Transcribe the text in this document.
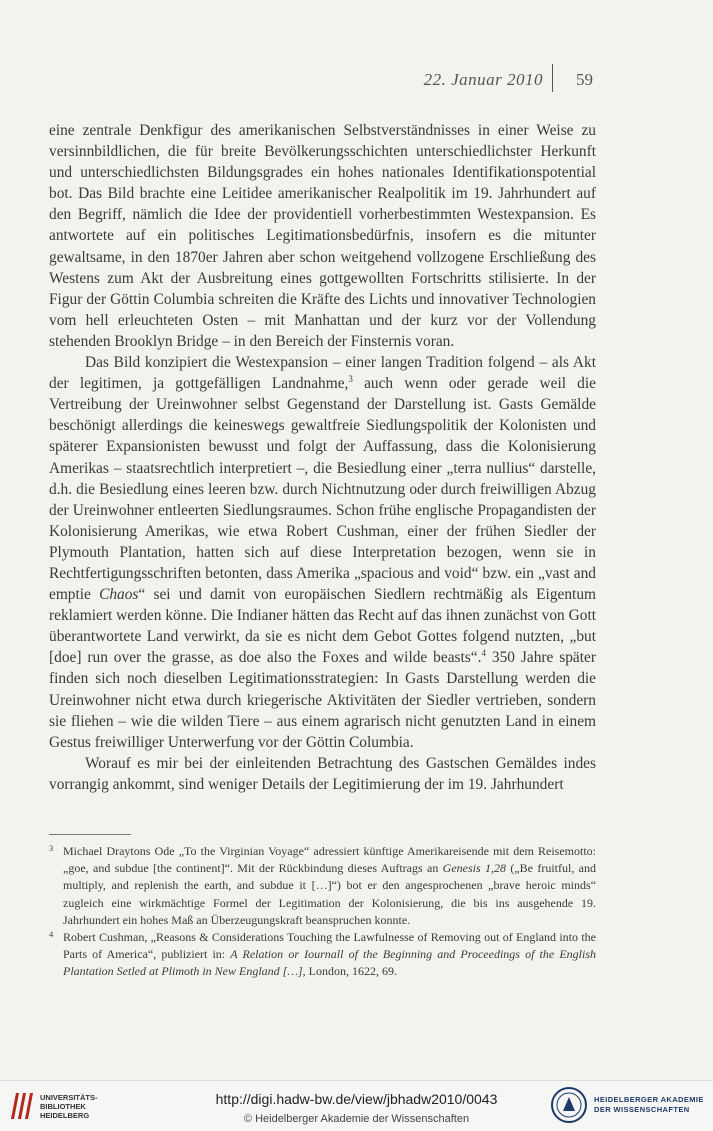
22. Januar 2010 59

eine zentrale Denkfigur des amerikanischen Selbstverständnisses in einer Weise zu versinnbildlichen, die für breite Bevölkerungsschichten unterschiedlichster Herkunft und unterschiedlichsten Bildungsgrades ein hohes nationales Identifikationspotential bot. Das Bild brachte eine Leitidee amerikanischer Realpolitik im 19. Jahrhundert auf den Begriff, nämlich die Idee der providentiell vorherbestimmten Westexpansion. Es antwortete auf ein politisches Legitimationsbedürfnis, insofern es die mitunter gewaltsame, in den 1870er Jahren aber schon weitgehend vollzogene Erschließung des Westens zum Akt der Ausbreitung eines gottgewollten Fortschritts stilisierte. In der Figur der Göttin Columbia schreiten die Kräfte des Lichts und innovativer Technologien vom hell erleuchteten Osten – mit Manhattan und der kurz vor der Vollendung stehenden Brooklyn Bridge – in den Bereich der Finsternis voran.

Das Bild konzipiert die Westexpansion – einer langen Tradition folgend – als Akt der legitimen, ja gottgefälligen Landnahme,$^3$ auch wenn oder gerade weil die Vertreibung der Ureinwohner selbst Gegenstand der Darstellung ist. Gasts Gemälde beschönigt allerdings die keineswegs gewaltfreie Siedlungspolitik der Kolonisten und späterer Expansionisten bewusst und folgt der Auffassung, dass die Kolonisierung Amerikas – staatsrechtlich interpretiert –, die Besiedlung einer „terra nullius“ darstelle, d.h. die Besiedlung eines leeren bzw. durch Nichtnutzung oder durch freiwilligen Abzug der Ureinwohner entleerten Siedlungsraumes. Schon frühe englische Propagandisten der Kolonisierung Amerikas, wie etwa Robert Cushman, einer der frühen Siedler der Plymouth Plantation, hatten sich auf diese Interpretation bezogen, wenn sie in Rechtfertigungsschriften betonten, dass Amerika „spacious and void“ bzw. ein „vast and emptie Chaos“ sei und damit von europäischen Siedlern rechtmäßig als Eigentum reklamiert werden könne. Die Indianer hätten das Recht auf das ihnen zunächst von Gott überantwortete Land verwirkt, da sie es nicht dem Gebot Gottes folgend nutzten, „but [doe] run over the grasse, as doe also the Foxes and wilde beasts“.$^4$ 350 Jahre später finden sich noch dieselben Legitimationsstrategien: In Gasts Darstellung werden die Ureinwohner nicht etwa durch kriegerische Aktivitäten der Siedler vertrieben, sondern sie fliehen – wie die wilden Tiere – aus einem agrarisch nicht genutzten Land in einem Gestus freiwilliger Unterwerfung vor der Göttin Columbia.

Worauf es mir bei der einleitenden Betrachtung des Gastschen Gemäldes indes vorrangig ankommt, sind weniger Details der Legitimierung der im 19. Jahrhundert

3 Michael Draytons Ode „To the Virginian Voyage“ adressiert künftige Amerikareisende mit dem Reisemotto: „goe, and subdue [the continent]“. Mit der Rückbindung dieses Auftrags an Genesis 1,28 („Be fruitful, and multiply, and replenish the earth, and subdue it […]“) bot er den angesprochenen „brave heroic minds“ zugleich eine wirkmächtige Formel der Legitimation der Kolonisierung, die bis ins ausgehende 19. Jahrhundert ein hohes Maß an Überzeugungskraft beanspruchen konnte.

4 Robert Cushman, „Reasons & Considerations Touching the Lawfulnesse of Removing out of England into the Parts of America“, publiziert in: A Relation or Iournall of the Beginning and Proceedings of the English Plantation Setled at Plimoth in New England […], London, 1622, 69.

UNIVERSITÄTS-
BIBLIOTHEK
HEIDELBERG
http://digi.hadw-bw.de/view/jbhadw2010/0043
© Heidelberger Akademie der Wissenschaften
HEIDELBERGER AKADEMIE
DER WISSENSCHAFTEN
